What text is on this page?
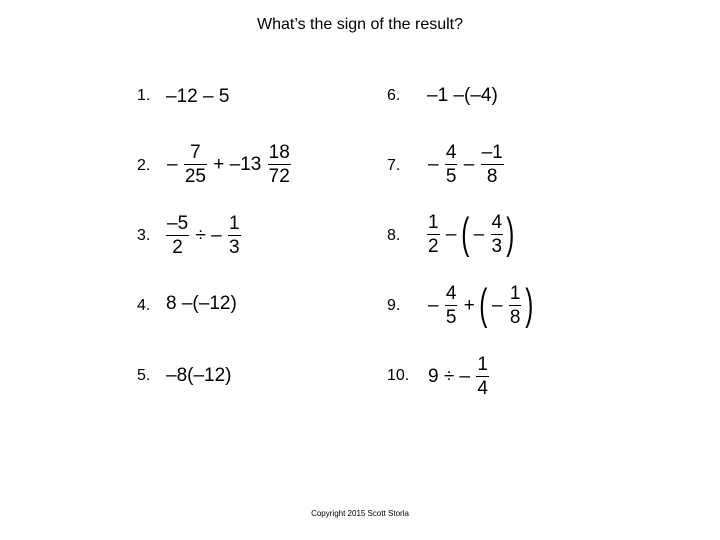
What’s the sign of the result?
1. –12 – 5
2. – $\frac{7}{25} + -13 \frac{18}{72}$
3. $\frac{-5}{2}$ ÷ – $\frac{1}{3}$
4. 8 –(–12)
5. –8(–12)
6. –1 –(–4)
7. – $\frac{4}{5} - \frac{-1}{8}$
8. $\frac{1}{2}$ – ( – $\frac{4}{3}$ )
9. – $\frac{4}{5}$ + ( – $\frac{1}{8}$ )
10. 9 ÷ – $\frac{1}{4}$
Copyright 2015 Scott Storla
